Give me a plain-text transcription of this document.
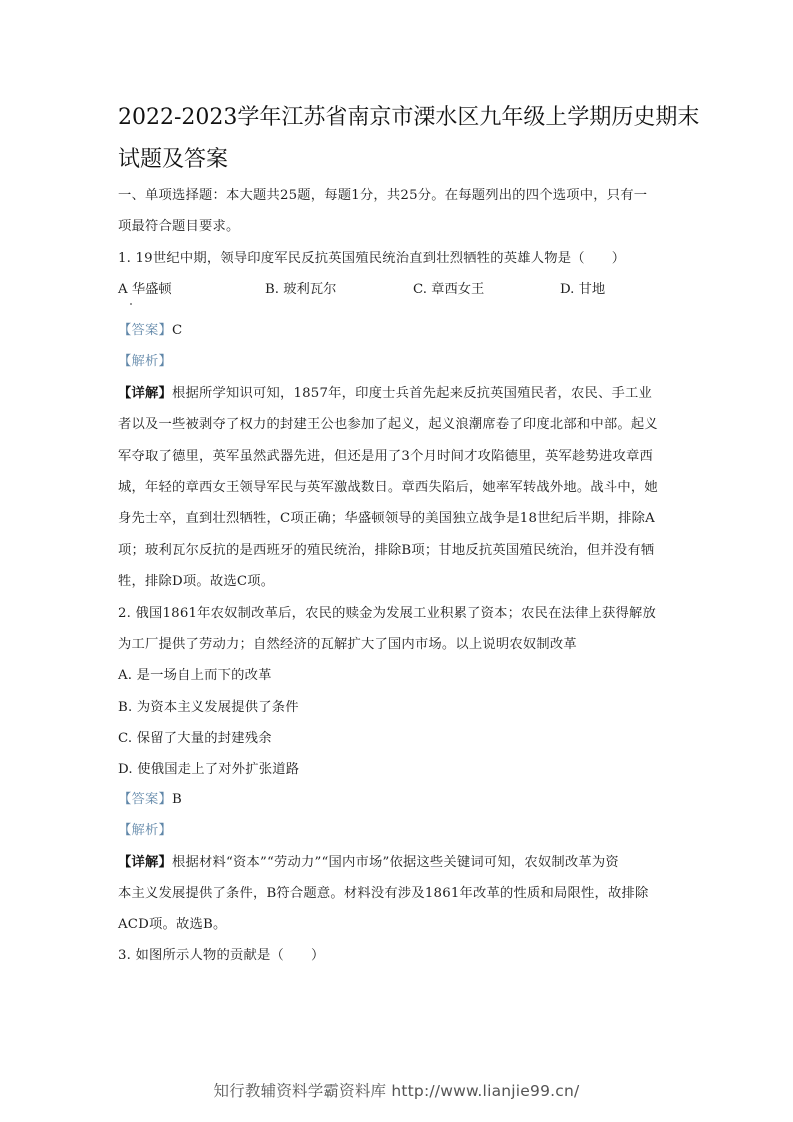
2022-2023学年江苏省南京市溧水区九年级上学期历史期末
试题及答案
一、单项选择题：本大题共25题，每题1分，共25分。在每题列出的四个选项中，只有一
项最符合题目要求。
1. 19世纪中期，领导印度军民反抗英国殖民统治直到壮烈牺牲的英雄人物是（　　）
A 华盛顿	B. 玻利瓦尔	C. 章西女王	D. 甘地
【答案】C
【解析】
【详解】根据所学知识可知，1857年，印度士兵首先起来反抗英国殖民者，农民、手工业
者以及一些被剥夺了权力的封建王公也参加了起义，起义浪潮席卷了印度北部和中部。起义
军夺取了德里，英军虽然武器先进，但还是用了3个月时间才攻陷德里，英军趁势进攻章西
城，年轻的章西女王领导军民与英军激战数日。章西失陷后，她率军转战外地。战斗中，她
身先士卒，直到壮烈牺牲，C项正确；华盛顿领导的美国独立战争是18世纪后半期，排除A
项；玻利瓦尔反抗的是西班牙的殖民统治，排除B项；甘地反抗英国殖民统治，但并没有牺
牲，排除D项。故选C项。
2. 俄国1861年农奴制改革后，农民的赎金为发展工业积累了资本；农民在法律上获得解放
为工厂提供了劳动力；自然经济的瓦解扩大了国内市场。以上说明农奴制改革
A. 是一场自上而下的改革
B. 为资本主义发展提供了条件
C. 保留了大量的封建残余
D. 使俄国走上了对外扩张道路
【答案】B
【解析】
【详解】根据材料“资本”“劳动力”“国内市场”依据这些关键词可知，农奴制改革为资
本主义发展提供了条件，B符合题意。材料没有涉及1861年改革的性质和局限性，故排除
ACD项。故选B。
3. 如图所示人物的贡献是（　　）
知行教辅资料学霸资料库 http://www.lianjie99.cn/
